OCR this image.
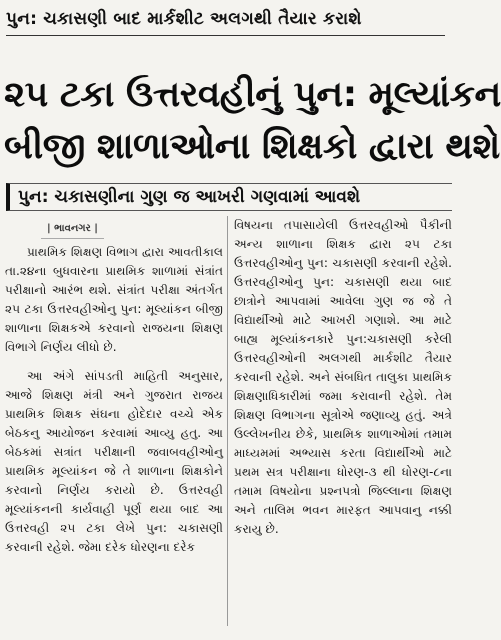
પુન: ચકાસણી બાદ માર્કશીટ અલગથી તૈયાર કરાશે
૨૫ ટકા ઉત્તરવહીનું પુન: મૂલ્યાંકન
બીજી શાળાઓના શિક્ષકો દ્વારા થશે
પુન: ચકાસણીના ગુણ જ આખરી ગણવામાં આવશે
| ભાવનગર |

પ્રાથમિક શિક્ષણ વિભાગ દ્વારા આવતીકાલ તા.૨૪ના બુધવારના પ્રાથમિક શાળામાં સંત્રાંત પરીક્ષાનો આરંભ થશે. સંત્રાંત પરીક્ષા અંતર્ગત ૨૫ ટકા ઉત્તરવહીઓનુ પુન: મૂલ્યાંકન બીજી શાળાના શિક્ષકએ કરવાનો રાજયના શિક્ષણ વિભાગે નિર્ણય લીધો છે.

આ અંગે સાંપડતી માહિતી અનુસાર, આજે શિક્ષણ મંત્રી અને ગુજરાત રાજય પ્રાથમિક શિક્ષક સંઘના હોદેદાર વચ્ચે એક બેઠકનુ આયોજન કરવામાં આવ્યુ હતુ. આ બેઠકમાં સત્રાંત પરીક્ષાની જવાબવહીઓનુ પ્રાથમિક મૂલ્યાંકન જે તે શાળાના શિક્ષકોને કરવાનો નિર્ણય કરાયો છે. ઉત્તરવહી મૂલ્યાંકનની કાર્યવાહી પૂર્ણ થયા બાદ આ ઉત્તરવહી ૨૫ ટકા લેખે પુન: ચકાસણી કરવાની રહેશે. જેમા દરેક ધોરણના દરેક

વિષયના તપાસાયેલી ઉત્તરવહીઓ પૈકીની અન્ય શાળાના શિક્ષક દ્વારા ૨૫ ટકા ઉત્તરવહીઓનુ પુન: ચકાસણી કરવાની રહેશે. ઉત્તરવહીઓનુ પુન: ચકાસણી થયા બાદ છાત્રોને આપવામાં આવેલા ગુણ જ જે તે વિદ્યાર્થીઓ માટે આખરી ગણાશે. આ માટે બાહ્ય મૂલ્યાંકનકારે પુન:ચકાસણી કરેલી ઉત્તરવહીઓની અલગથી માર્કશીટ તૈયાર કરવાની રહેશે. અને સંબધિત તાલુકા પ્રાથમિક શિક્ષણાધિકારીમાં જમા કરાવાની રહેશે. તેમ શિક્ષણ વિભાગના સૂત્રોએ જણાવ્યુ હતું. અત્રે ઉલ્લેખનીય છેકે, પ્રાથમિક શાળાઓમાં તમામ માધ્યમમાં અભ્યાસ કરતા વિદ્યાર્થીઓ માટે પ્રથમ સત્ર પરીક્ષાના ધોરણ-૩ થી ધોરણ-૮ના તમામ વિષયોના પ્રશ્નપત્રો જિલ્લાના શિક્ષણ અને તાલિમ ભવન મારફત આપવાનુ નક્કી કરાયુ છે.
